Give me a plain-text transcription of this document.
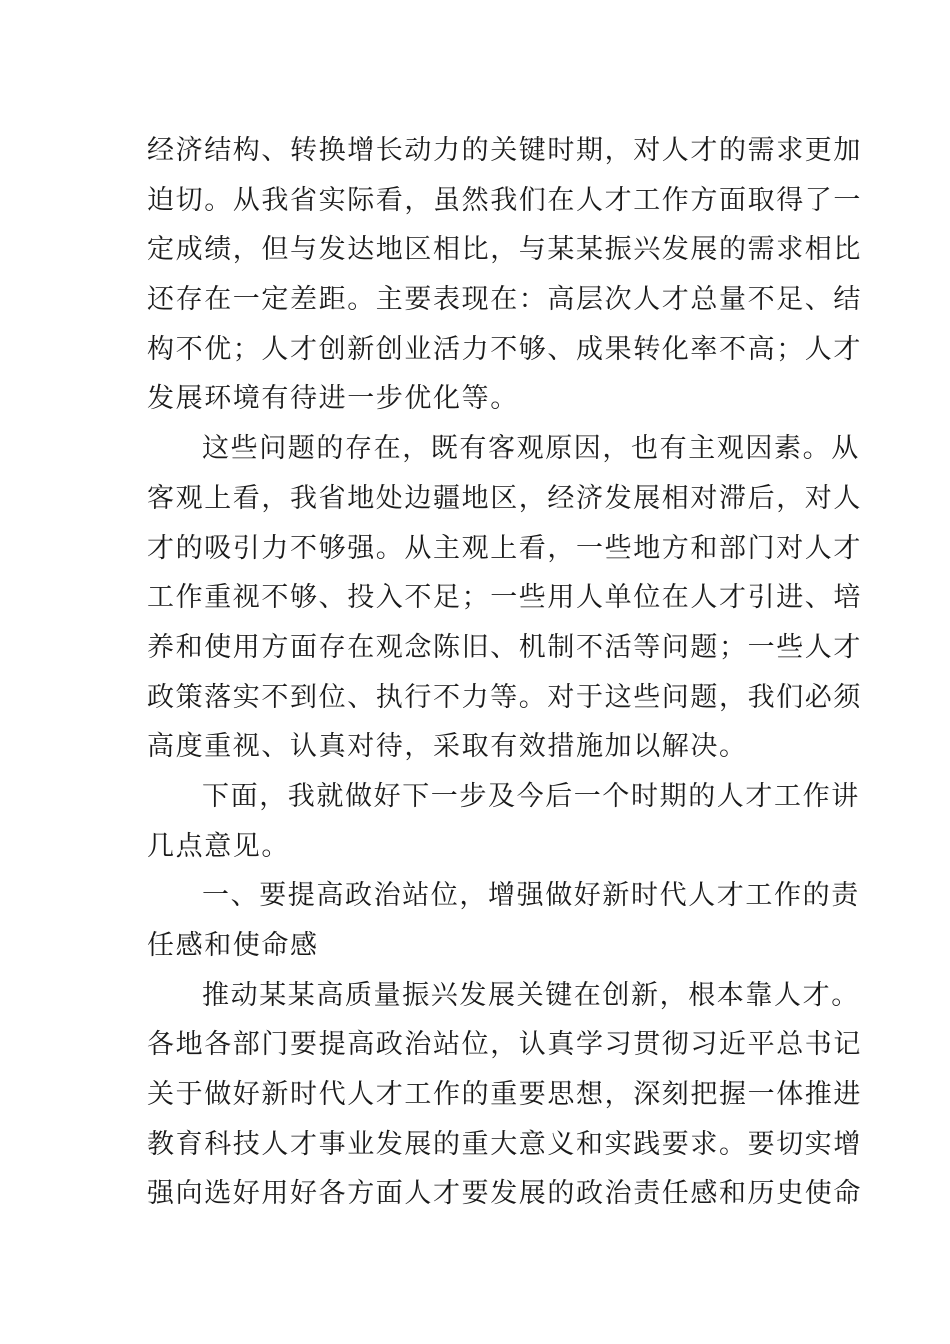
经济结构、转换增长动力的关键时期，对人才的需求更加
迫切。从我省实际看，虽然我们在人才工作方面取得了一
定成绩，但与发达地区相比，与某某振兴发展的需求相比
还存在一定差距。主要表现在：高层次人才总量不足、结
构不优；人才创新创业活力不够、成果转化率不高；人才
发展环境有待进一步优化等。
这些问题的存在，既有客观原因，也有主观因素。从
客观上看，我省地处边疆地区，经济发展相对滞后，对人
才的吸引力不够强。从主观上看，一些地方和部门对人才
工作重视不够、投入不足；一些用人单位在人才引进、培
养和使用方面存在观念陈旧、机制不活等问题；一些人才
政策落实不到位、执行不力等。对于这些问题，我们必须
高度重视、认真对待，采取有效措施加以解决。
下面，我就做好下一步及今后一个时期的人才工作讲
几点意见。
一、要提高政治站位，增强做好新时代人才工作的责
任感和使命感
推动某某高质量振兴发展关键在创新，根本靠人才。
各地各部门要提高政治站位，认真学习贯彻习近平总书记
关于做好新时代人才工作的重要思想，深刻把握一体推进
教育科技人才事业发展的重大意义和实践要求。要切实增
强向选好用好各方面人才要发展的政治责任感和历史使命
